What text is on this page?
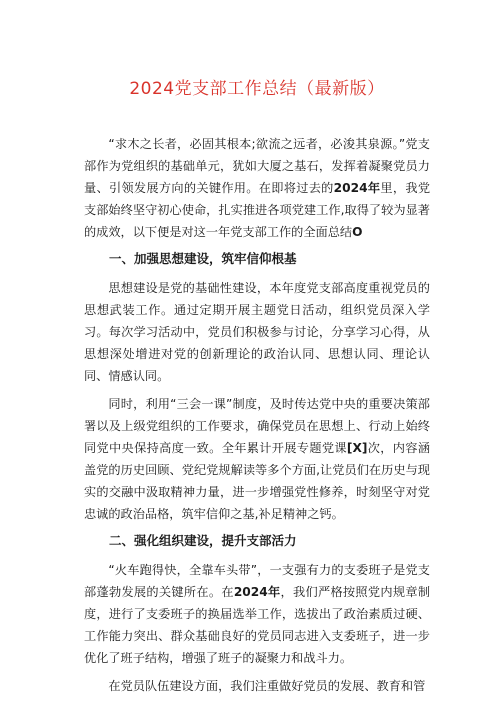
2024党支部工作总结（最新版）

“求木之长者，必固其根本;欲流之远者，必浚其泉源。”党支部作为党组织的基础单元，犹如大厦之基石，发挥着凝聚党员力量、引领发展方向的关键作用。在即将过去的2024年里，我党支部始终坚守初心使命，扎实推进各项党建工作,取得了较为显著的成效，以下便是对这一年党支部工作的全面总结O

一、加强思想建设，筑牢信仰根基

思想建设是党的基础性建设，本年度党支部高度重视党员的思想武装工作。通过定期开展主题党日活动，组织党员深入学习。每次学习活动中，党员们积极参与讨论，分享学习心得，从思想深处增进对党的创新理论的政治认同、思想认同、理论认同、情感认同。

同时，利用“三会一课”制度，及时传达党中央的重要决策部署以及上级党组织的工作要求，确保党员在思想上、行动上始终同党中央保持高度一致。全年累计开展专题党课[X]次，内容涵盖党的历史回顾、党纪党规解读等多个方面,让党员们在历史与现实的交融中汲取精神力量，进一步增强党性修养，时刻坚守对党忠诚的政治品格，筑牢信仰之基,补足精神之钙。

二、强化组织建设，提升支部活力

“火车跑得快，全靠车头带”，一支强有力的支委班子是党支部蓬勃发展的关键所在。在2024年，我们严格按照党内规章制度，进行了支委班子的换届选举工作，选拔出了政治素质过硬、工作能力突出、群众基础良好的党员同志进入支委班子，进一步优化了班子结构，增强了班子的凝聚力和战斗力。

在党员队伍建设方面，我们注重做好党员的发展、教育和管
